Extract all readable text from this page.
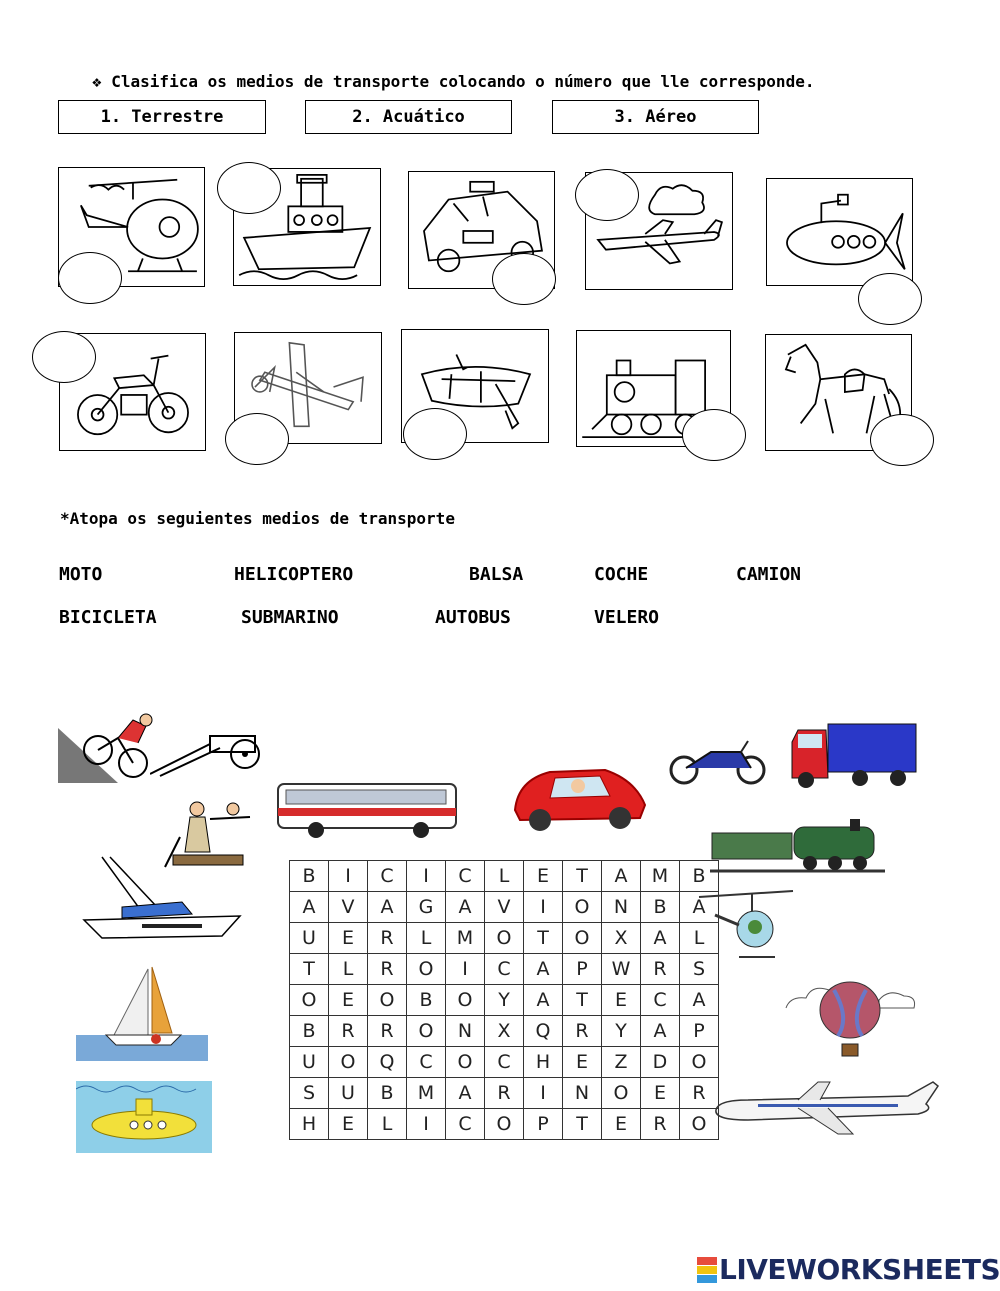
❖ Clasifica os medios de transporte colocando o número que lle corresponde.
1. Terrestre	2. Acuático	3. Aéreo
*Atopa os seguientes medios de transporte
MOTO	HELICOPTERO	BALSA	COCHE	CAMION
BICICLETA	SUBMARINO	AUTOBUS	VELERO
B	I	C	I	C	L	E	T	A	M	B
A	V	A	G	A	V	I	O	N	B	A
U	E	R	L	M	O	T	O	X	A	L
T	L	R	O	I	C	A	P	W	R	S
O	E	O	B	O	Y	A	T	E	C	A
B	R	R	O	N	X	Q	R	Y	A	P
U	O	Q	C	O	C	H	E	Z	D	O
S	U	B	M	A	R	I	N	O	E	R
H	E	L	I	C	O	P	T	E	R	O
LIVEWORKSHEETS
